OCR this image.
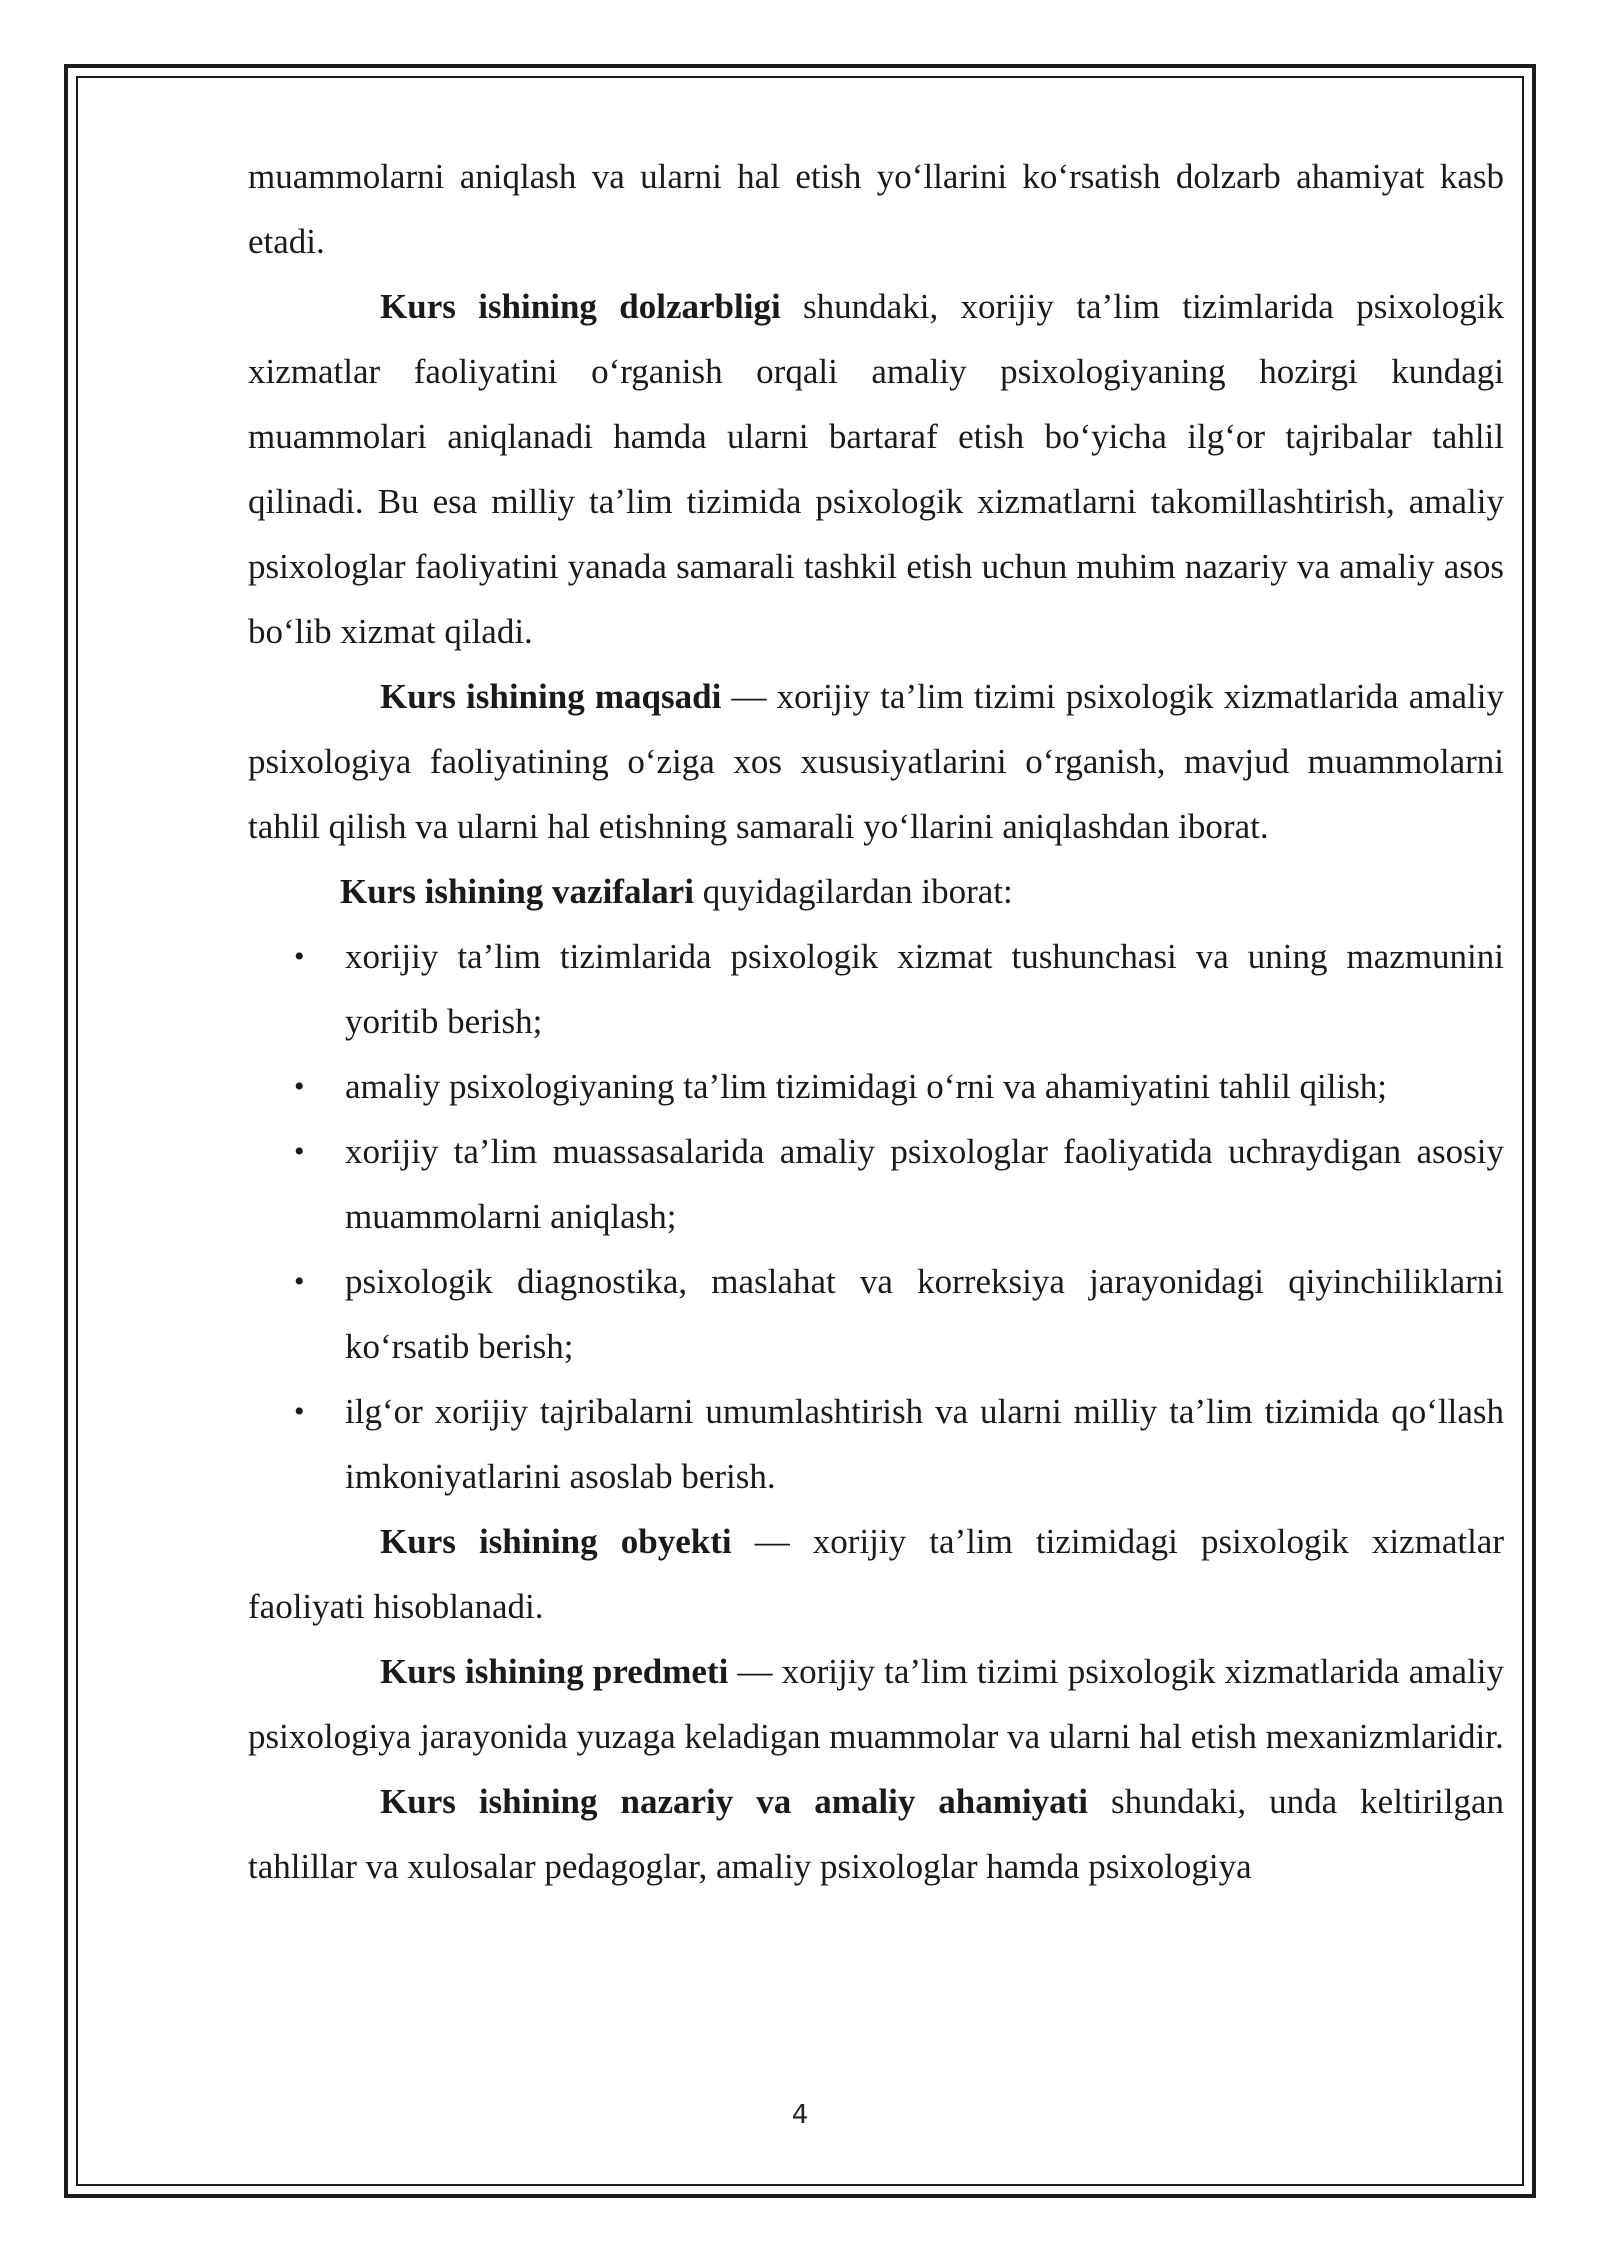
muammolarni aniqlash va ularni hal etish yo‘llarini ko‘rsatish dolzarb ahamiyat kasb etadi.

Kurs ishining dolzarbligi shundaki, xorijiy ta’lim tizimlarida psixologik xizmatlar faoliyatini o‘rganish orqali amaliy psixologiyaning hozirgi kundagi muammolari aniqlanadi hamda ularni bartaraf etish bo‘yicha ilg‘or tajribalar tahlil qilinadi. Bu esa milliy ta’lim tizimida psixologik xizmatlarni takomillashtirish, amaliy psixologlar faoliyatini yanada samarali tashkil etish uchun muhim nazariy va amaliy asos bo‘lib xizmat qiladi.

Kurs ishining maqsadi — xorijiy ta’lim tizimi psixologik xizmatlarida amaliy psixologiya faoliyatining o‘ziga xos xususiyatlarini o‘rganish, mavjud muammolarni tahlil qilish va ularni hal etishning samarali yo‘llarini aniqlashdan iborat.

Kurs ishining vazifalari quyidagilardan iborat:

• xorijiy ta’lim tizimlarida psixologik xizmat tushunchasi va uning mazmunini yoritib berish;
• amaliy psixologiyaning ta’lim tizimidagi o‘rni va ahamiyatini tahlil qilish;
• xorijiy ta’lim muassasalarida amaliy psixologlar faoliyatida uchraydigan asosiy muammolarni aniqlash;
• psixologik diagnostika, maslahat va korreksiya jarayonidagi qiyinchiliklarni ko‘rsatib berish;
• ilg‘or xorijiy tajribalarni umumlashtirish va ularni milliy ta’lim tizimida qo‘llash imkoniyatlarini asoslab berish.

Kurs ishining obyekti — xorijiy ta’lim tizimidagi psixologik xizmatlar faoliyati hisoblanadi.

Kurs ishining predmeti — xorijiy ta’lim tizimi psixologik xizmatlarida amaliy psixologiya jarayonida yuzaga keladigan muammolar va ularni hal etish mexanizmlaridir.

Kurs ishining nazariy va amaliy ahamiyati shundaki, unda keltirilgan tahlillar va xulosalar pedagoglar, amaliy psixologlar hamda psixologiya

4
